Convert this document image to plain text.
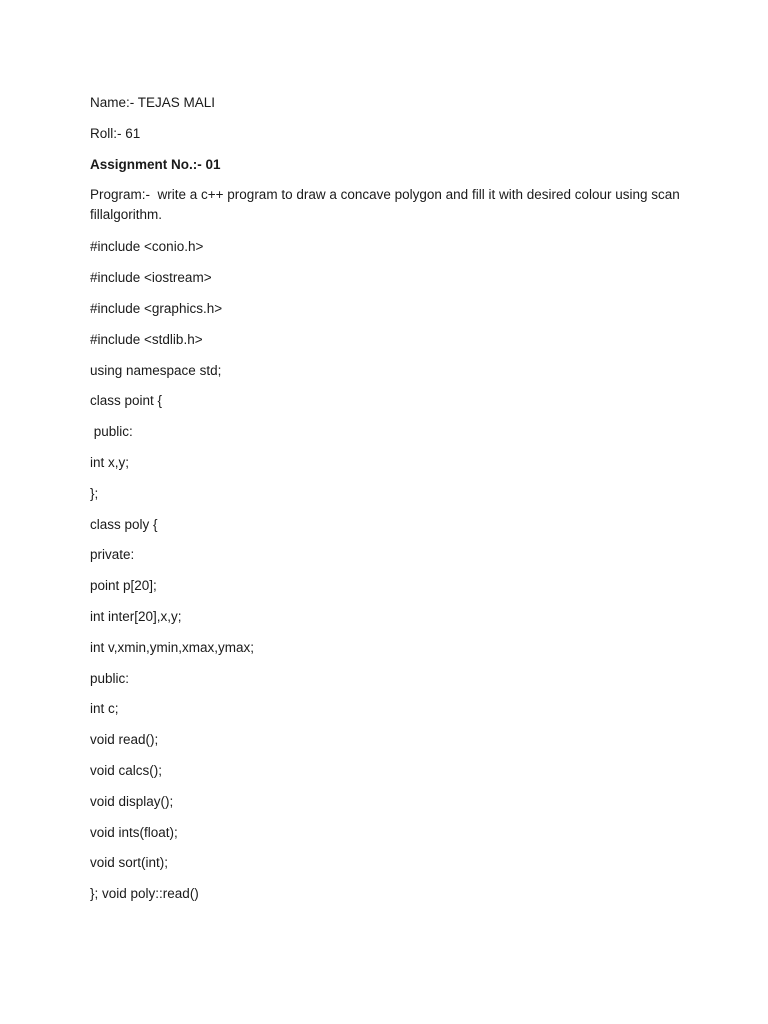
Name:- TEJAS MALI
Roll:- 61
Assignment No.:- 01
Program:-  write a c++ program to draw a concave polygon and fill it with desired colour using scan fillalgorithm.
#include <conio.h>
#include <iostream>
#include <graphics.h>
#include <stdlib.h>
using namespace std;
class point {
public:
int x,y;
};
class poly {
private:
point p[20];
int inter[20],x,y;
int v,xmin,ymin,xmax,ymax;
public:
int c;
void read();
void calcs();
void display();
void ints(float);
void sort(int);
}; void poly::read()
